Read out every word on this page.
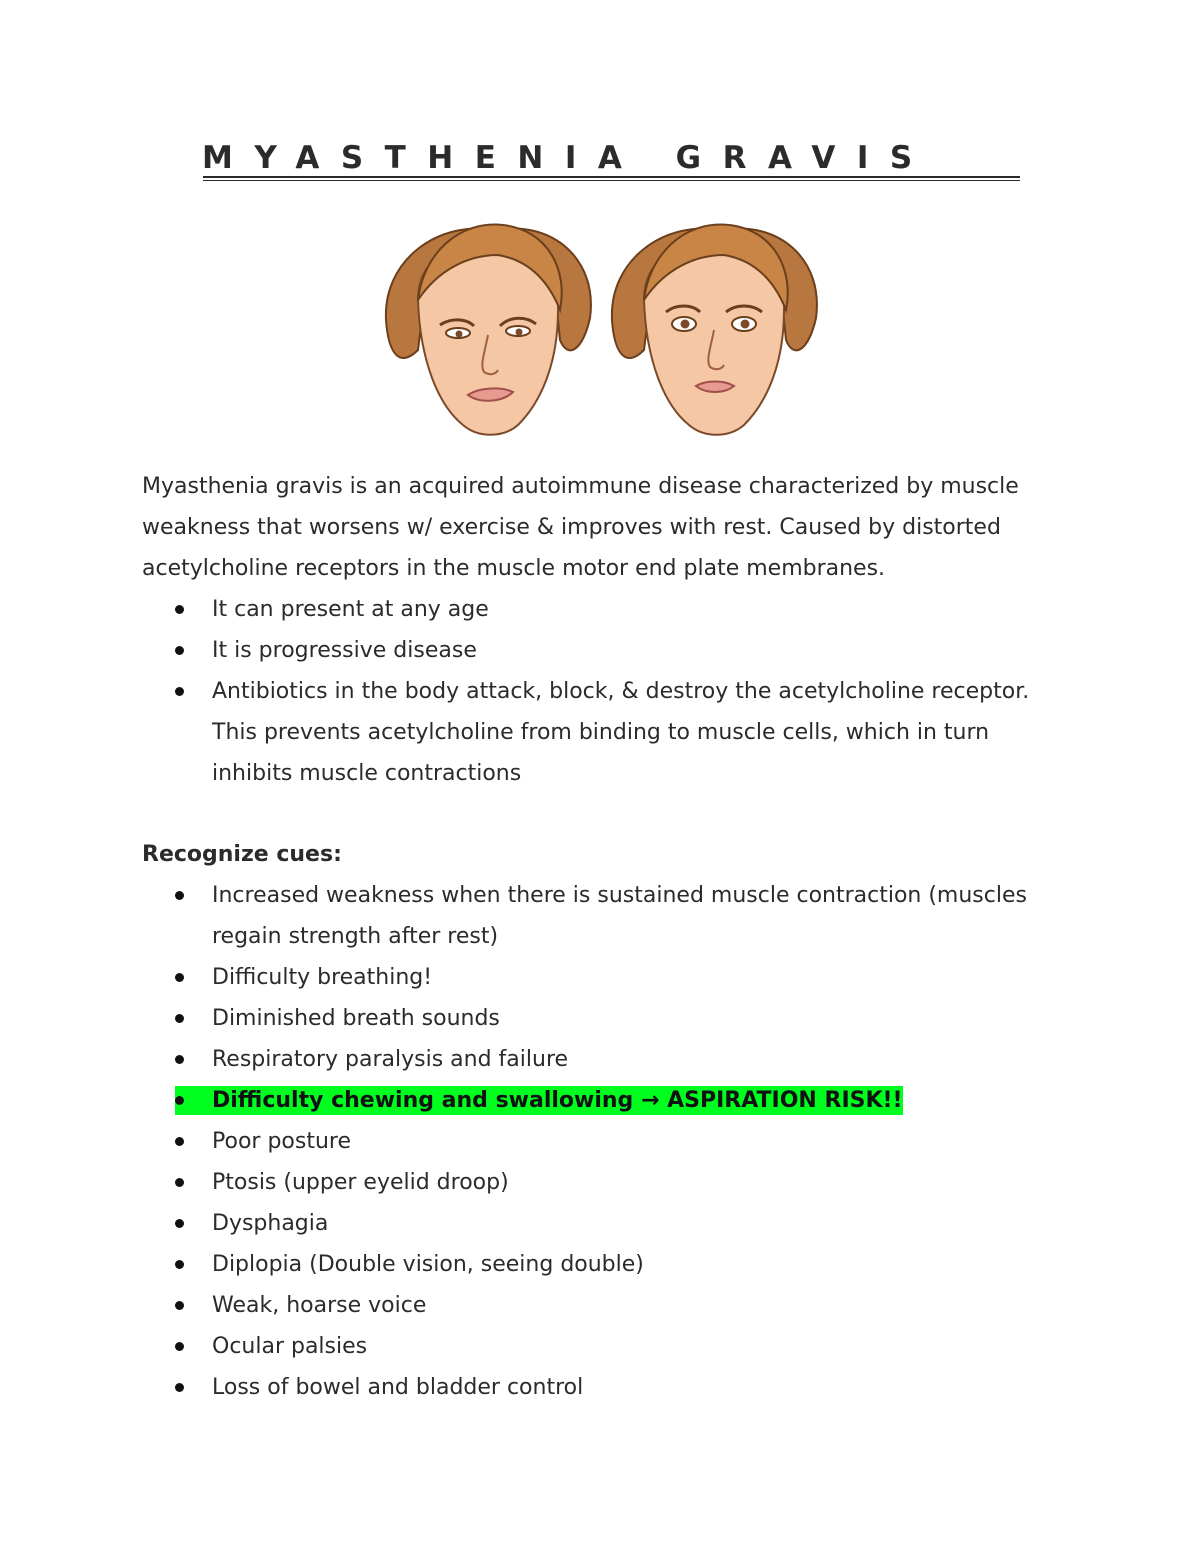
MYASTHENIA GRAVIS

Myasthenia gravis is an acquired autoimmune disease characterized by muscle weakness that worsens w/ exercise & improves with rest. Caused by distorted acetylcholine receptors in the muscle motor end plate membranes.

It can present at any age
It is progressive disease
Antibiotics in the body attack, block, & destroy the acetylcholine receptor. This prevents acetylcholine from binding to muscle cells, which in turn inhibits muscle contractions
Recognize cues:
Increased weakness when there is sustained muscle contraction (muscles regain strength after rest)
Difficulty breathing!
Diminished breath sounds
Respiratory paralysis and failure
Difficulty chewing and swallowing → ASPIRATION RISK!!
Poor posture
Ptosis (upper eyelid droop)
Dysphagia
Diplopia (Double vision, seeing double)
Weak, hoarse voice
Ocular palsies
Loss of bowel and bladder control
